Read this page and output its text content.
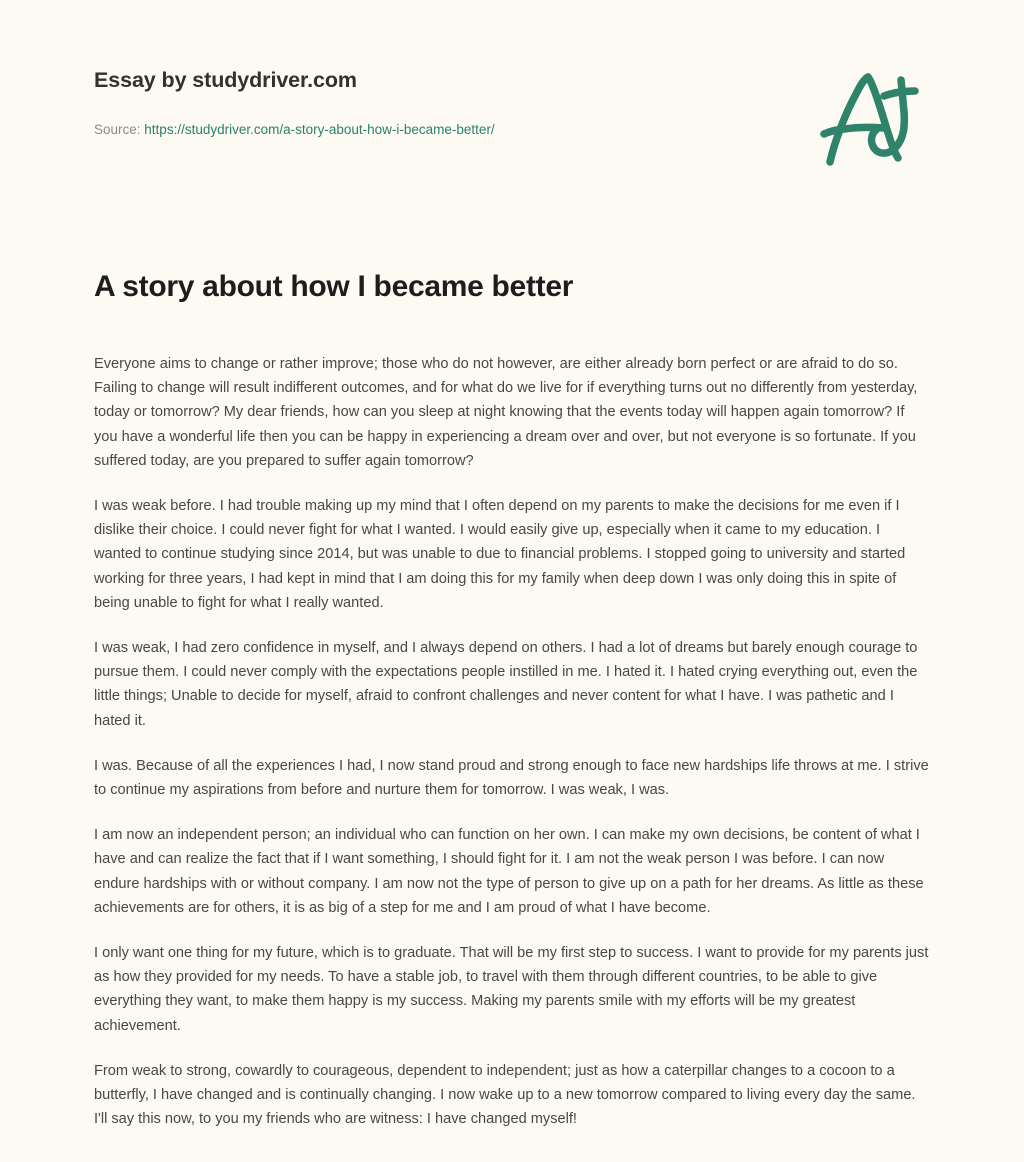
Essay by studydriver.com
Source: https://studydriver.com/a-story-about-how-i-became-better/
A story about how I became better

Everyone aims to change or rather improve; those who do not however, are either already born perfect or are afraid to do so. Failing to change will result indifferent outcomes, and for what do we live for if everything turns out no differently from yesterday, today or tomorrow? My dear friends, how can you sleep at night knowing that the events today will happen again tomorrow? If you have a wonderful life then you can be happy in experiencing a dream over and over, but not everyone is so fortunate. If you suffered today, are you prepared to suffer again tomorrow?

I was weak before. I had trouble making up my mind that I often depend on my parents to make the decisions for me even if I dislike their choice. I could never fight for what I wanted. I would easily give up, especially when it came to my education. I wanted to continue studying since 2014, but was unable to due to financial problems. I stopped going to university and started working for three years, I had kept in mind that I am doing this for my family when deep down I was only doing this in spite of being unable to fight for what I really wanted.

I was weak, I had zero confidence in myself, and I always depend on others. I had a lot of dreams but barely enough courage to pursue them. I could never comply with the expectations people instilled in me. I hated it. I hated crying everything out, even the little things; Unable to decide for myself, afraid to confront challenges and never content for what I have. I was pathetic and I hated it.

I was. Because of all the experiences I had, I now stand proud and strong enough to face new hardships life throws at me. I strive to continue my aspirations from before and nurture them for tomorrow. I was weak, I was.

I am now an independent person; an individual who can function on her own. I can make my own decisions, be content of what I have and can realize the fact that if I want something, I should fight for it. I am not the weak person I was before. I can now endure hardships with or without company. I am now not the type of person to give up on a path for her dreams. As little as these achievements are for others, it is as big of a step for me and I am proud of what I have become.

I only want one thing for my future, which is to graduate. That will be my first step to success. I want to provide for my parents just as how they provided for my needs. To have a stable job, to travel with them through different countries, to be able to give everything they want, to make them happy is my success. Making my parents smile with my efforts will be my greatest achievement.

From weak to strong, cowardly to courageous, dependent to independent; just as how a caterpillar changes to a cocoon to a butterfly, I have changed and is continually changing. I now wake up to a new tomorrow compared to living every day the same. I'll say this now, to you my friends who are witness: I have changed myself!
